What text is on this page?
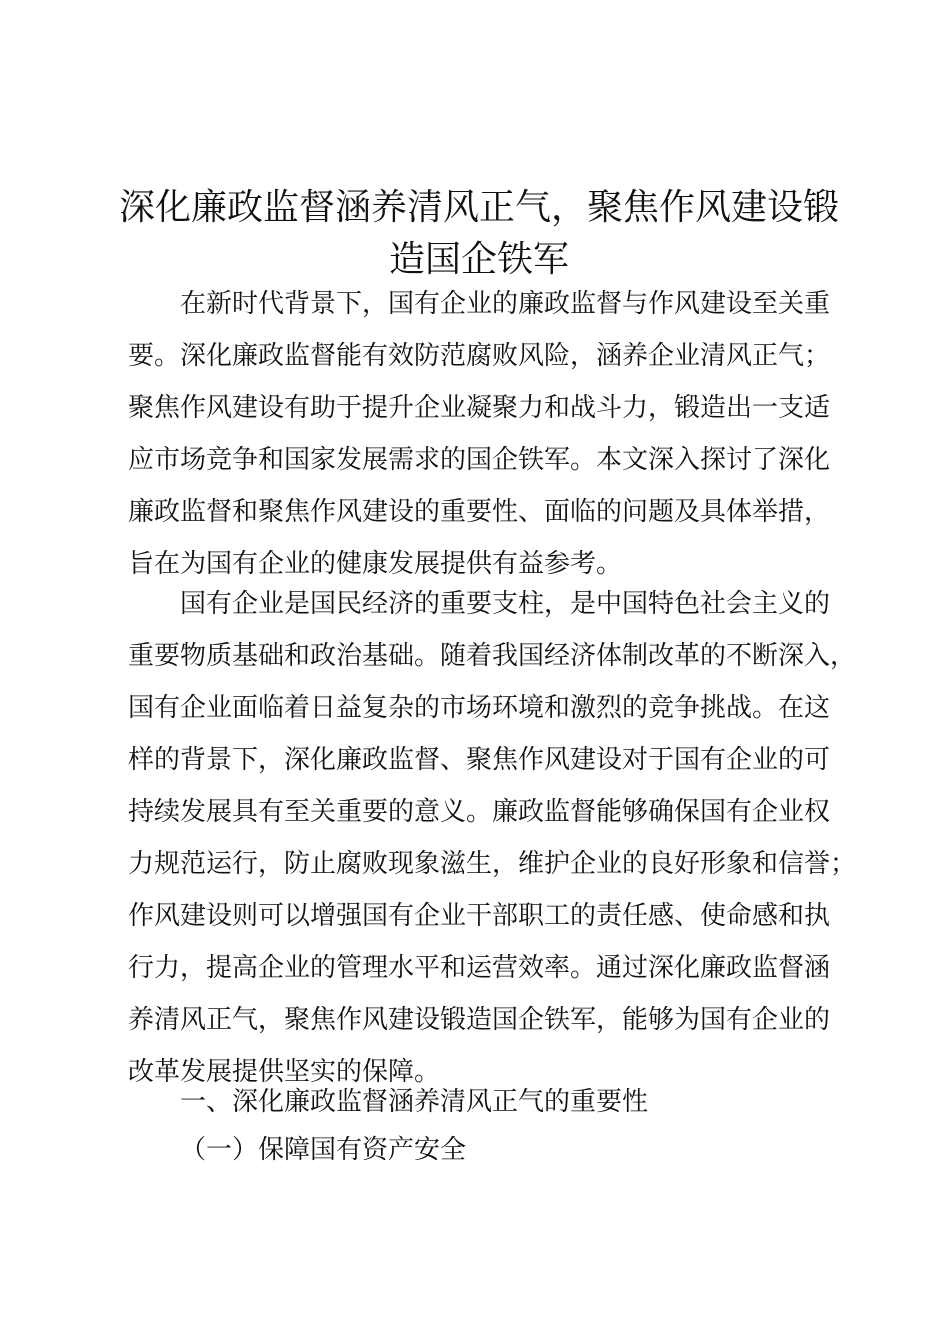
深化廉政监督涵养清风正气，聚焦作风建设锻
造国企铁军
　　在新时代背景下，国有企业的廉政监督与作风建设至关重
要。深化廉政监督能有效防范腐败风险，涵养企业清风正气；
聚焦作风建设有助于提升企业凝聚力和战斗力，锻造出一支适
应市场竞争和国家发展需求的国企铁军。本文深入探讨了深化
廉政监督和聚焦作风建设的重要性、面临的问题及具体举措，
旨在为国有企业的健康发展提供有益参考。
　　国有企业是国民经济的重要支柱，是中国特色社会主义的
重要物质基础和政治基础。随着我国经济体制改革的不断深入，
国有企业面临着日益复杂的市场环境和激烈的竞争挑战。在这
样的背景下，深化廉政监督、聚焦作风建设对于国有企业的可
持续发展具有至关重要的意义。廉政监督能够确保国有企业权
力规范运行，防止腐败现象滋生，维护企业的良好形象和信誉；
作风建设则可以增强国有企业干部职工的责任感、使命感和执
行力，提高企业的管理水平和运营效率。通过深化廉政监督涵
养清风正气，聚焦作风建设锻造国企铁军，能够为国有企业的
改革发展提供坚实的保障。
一、深化廉政监督涵养清风正气的重要性
（一）保障国有资产安全
